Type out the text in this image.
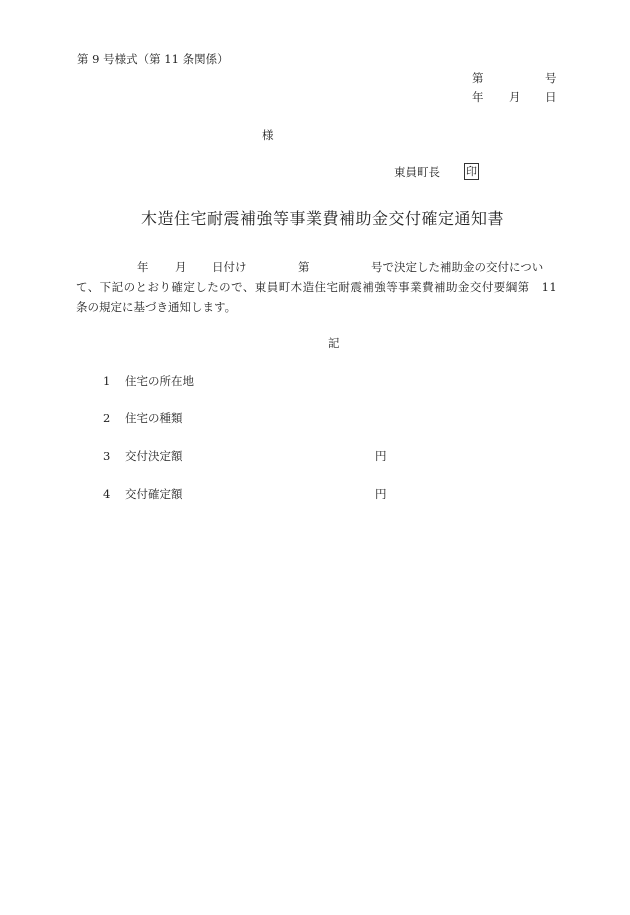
第 9 号様式（第 11 条関係）
第	号
年 月 日
様
東員町長 印
木造住宅耐震補強等事業費補助金交付確定通知書
年 月 日付け	第	号で決定した補助金の交付につい
て、下記のとおり確定したので、東員町木造住宅耐震補強等事業費補助金交付要綱第　11
条の規定に基づき通知します。
記
1 住宅の所在地
2 住宅の種類
3 交付決定額	円
4 交付確定額	円
